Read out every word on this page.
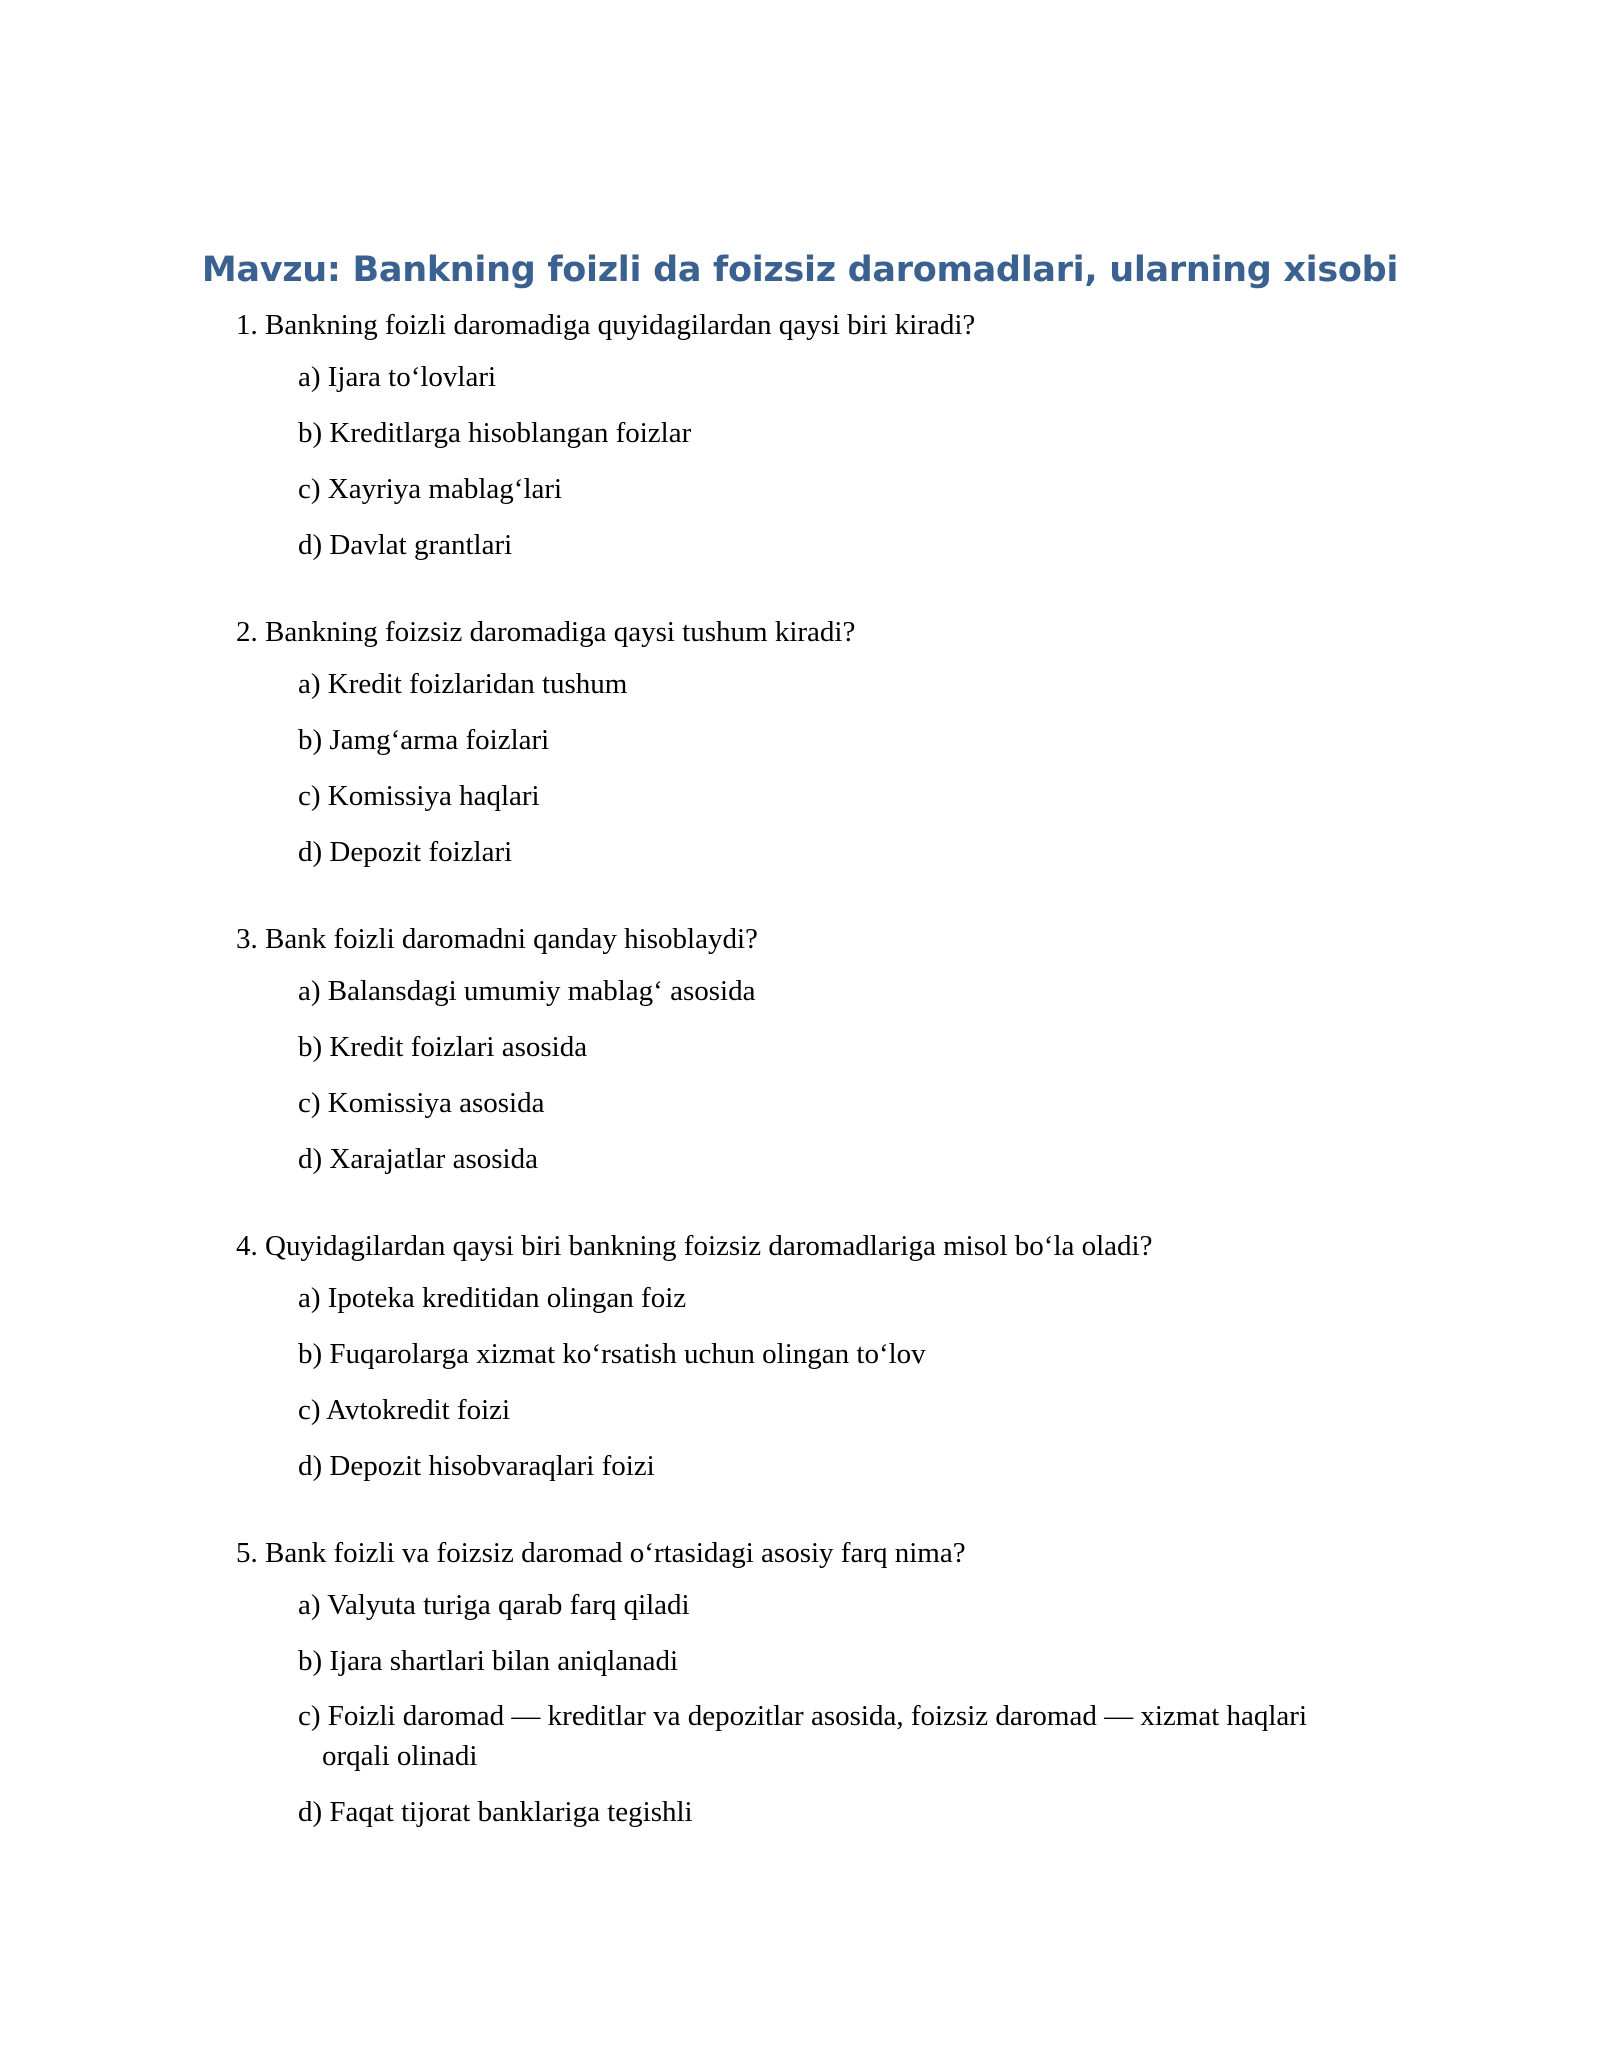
Mavzu: Bankning foizli da foizsiz daromadlari, ularning xisobi

1. Bankning foizli daromadiga quyidagilardan qaysi biri kiradi?

a) Ijara to‘lovlari
b) Kreditlarga hisoblangan foizlar
c) Xayriya mablag‘lari
d) Davlat grantlari

2. Bankning foizsiz daromadiga qaysi tushum kiradi?

a) Kredit foizlaridan tushum
b) Jamg‘arma foizlari
c) Komissiya haqlari
d) Depozit foizlari

3. Bank foizli daromadni qanday hisoblaydi?

a) Balansdagi umumiy mablag‘ asosida
b) Kredit foizlari asosida
c) Komissiya asosida
d) Xarajatlar asosida

4. Quyidagilardan qaysi biri bankning foizsiz daromadlariga misol bo‘la oladi?

a) Ipoteka kreditidan olingan foiz
b) Fuqarolarga xizmat ko‘rsatish uchun olingan to‘lov
c) Avtokredit foizi
d) Depozit hisobvaraqlari foizi

5. Bank foizli va foizsiz daromad o‘rtasidagi asosiy farq nima?

a) Valyuta turiga qarab farq qiladi
b) Ijara shartlari bilan aniqlanadi
c) Foizli daromad — kreditlar va depozitlar asosida, foizsiz daromad — xizmat haqlari orqali olinadi
d) Faqat tijorat banklariga tegishli
